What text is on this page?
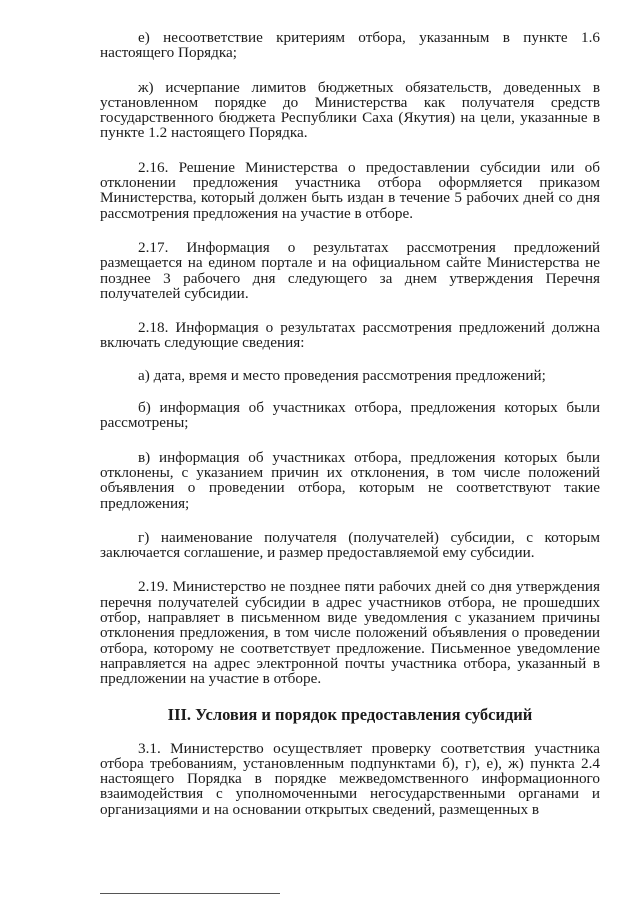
е) несоответствие критериям отбора, указанным в пункте 1.6 настоящего Порядка;

ж) исчерпание лимитов бюджетных обязательств, доведенных в установленном порядке до Министерства как получателя средств государственного бюджета Республики Саха (Якутия) на цели, указанные в пункте 1.2 настоящего Порядка.

2.16. Решение Министерства о предоставлении субсидии или об отклонении предложения участника отбора оформляется приказом Министерства, который должен быть издан в течение 5 рабочих дней со дня рассмотрения предложения на участие в отборе.

2.17. Информация о результатах рассмотрения предложений размещается на едином портале и на официальном сайте Министерства не позднее 3 рабочего дня следующего за днем утверждения Перечня получателей субсидии.

2.18. Информация о результатах рассмотрения предложений должна включать следующие сведения:

а) дата, время и место проведения рассмотрения предложений;

б) информация об участниках отбора, предложения которых были рассмотрены;

в) информация об участниках отбора, предложения которых были отклонены, с указанием причин их отклонения, в том числе положений объявления о проведении отбора, которым не соответствуют такие предложения;

г) наименование получателя (получателей) субсидии, с которым заключается соглашение, и размер предоставляемой ему субсидии.

2.19. Министерство не позднее пяти рабочих дней со дня утверждения перечня получателей субсидии в адрес участников отбора, не прошедших отбор, направляет в письменном виде уведомления с указанием причины отклонения предложения, в том числе положений объявления о проведении отбора, которому не соответствует предложение. Письменное уведомление направляется на адрес электронной почты участника отбора, указанный в предложении на участие в отборе.

III. Условия и порядок предоставления субсидий

3.1. Министерство осуществляет проверку соответствия участника отбора требованиям, установленным подпунктами б), г), е), ж) пункта 2.4 настоящего Порядка в порядке межведомственного информационного взаимодействия с уполномоченными негосударственными органами и организациями и на основании открытых сведений, размещенных в
